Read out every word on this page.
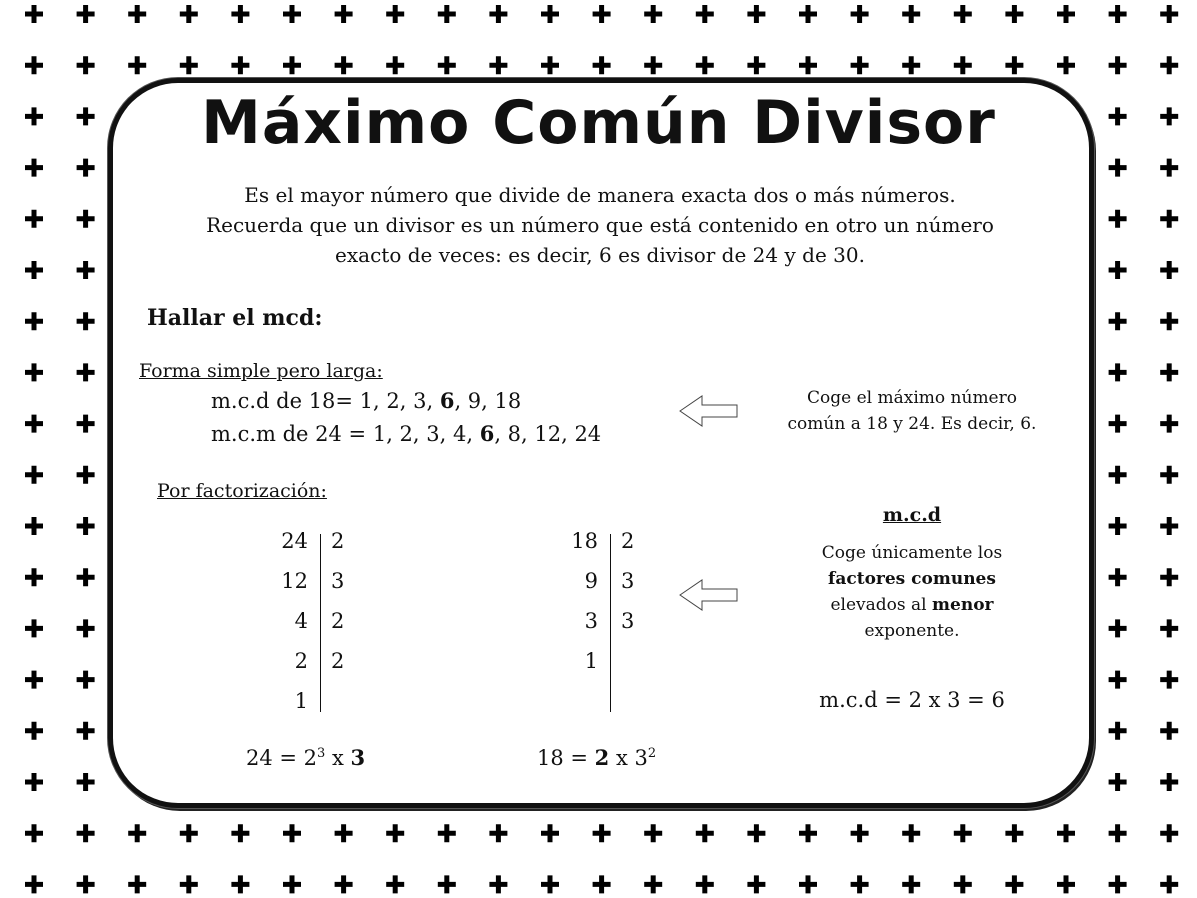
Máximo Común Divisor
Es el mayor número que divide de manera exacta dos o más números.
Recuerda que un divisor es un número que está contenido en otro un número
exacto de veces: es decir, 6 es divisor de 24 y de 30.
Hallar el mcd:
Forma simple pero larga:
m.c.d de 18= 1, 2, 3, 6, 9, 18
m.c.m de 24 = 1, 2, 3, 4, 6, 8, 12, 24
Coge el máximo número
común a 18 y 24. Es decir, 6.
Por factorización:
24
12
4
2
1
2
3
2
2
18
9
3
1
2
3
3
$24 = 2^3$ x 3	18 = 2 x $3^2$
m.c.d
Coge únicamente los
factores comunes
elevados al menor
exponente.
m.c.d = 2 x 3 = 6
